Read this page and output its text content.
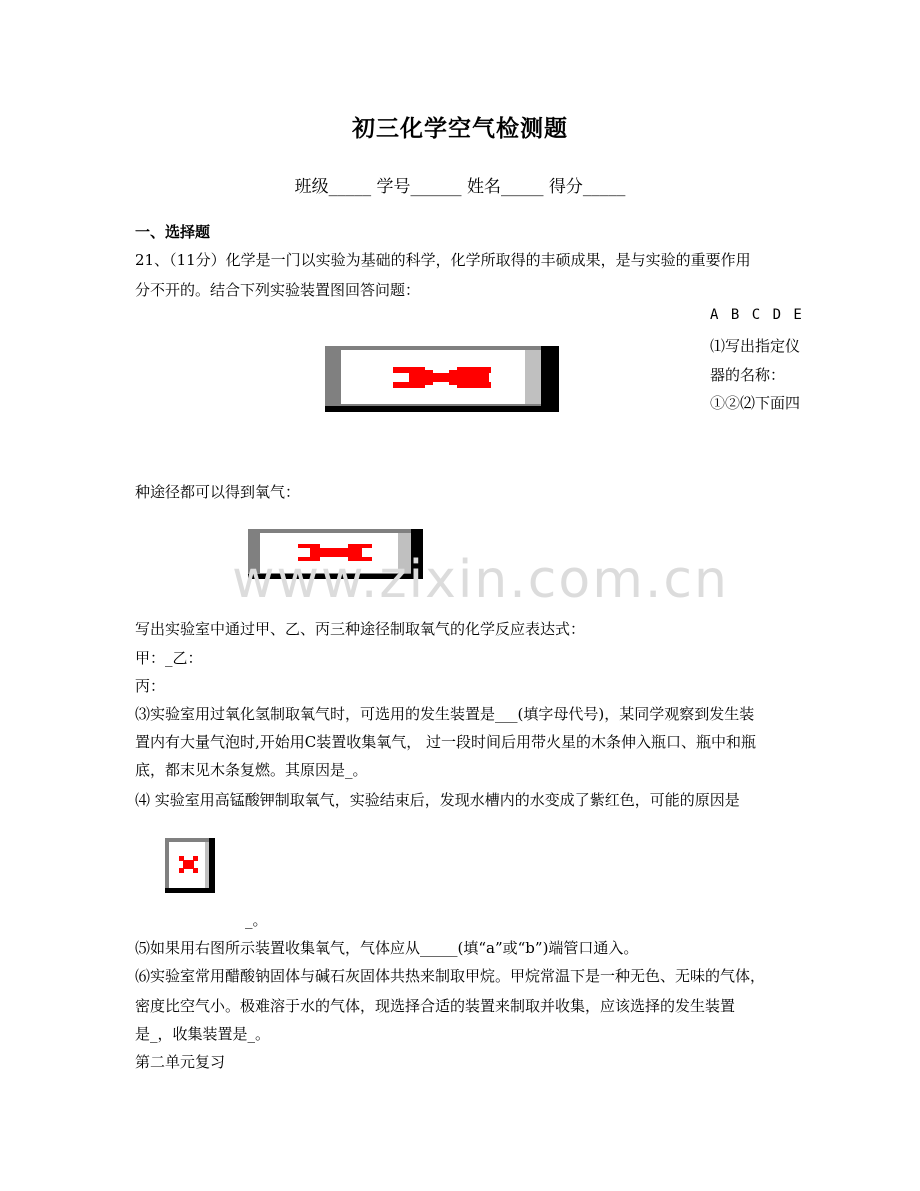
初三化学空气检测题
班级_____ 学号______ 姓名_____ 得分_____
一、选择题
21、（11分）化学是一门以实验为基础的科学，化学所取得的丰硕成果，是与实验的重要作用
分不开的。结合下列实验装置图回答问题：
A B C D E
⑴写出指定仪器的名称：①②⑵下面四
种途径都可以得到氧气：
www.zixin.com.cn
写出实验室中通过甲、乙、丙三种途径制取氧气的化学反应表达式：
甲：_乙：
丙：
⑶实验室用过氧化氢制取氧气时，可选用的发生装置是___(填字母代号)，某同学观察到发生装
置内有大量气泡时,开始用C装置收集氧气， 过一段时间后用带火星的木条伸入瓶口、瓶中和瓶
底，都末见木条复燃。其原因是_。
⑷ 实验室用高锰酸钾制取氧气，实验结束后，发现水槽内的水变成了紫红色，可能的原因是
_。
⑸如果用右图所示装置收集氧气，气体应从_____(填“a”或“b”)端管口通入。
⑹实验室常用醋酸钠固体与碱石灰固体共热来制取甲烷。甲烷常温下是一种无色、无味的气体，
密度比空气小。极难溶于水的气体，现选择合适的装置来制取并收集，应该选择的发生装置
是_，收集装置是_。
第二单元复习
